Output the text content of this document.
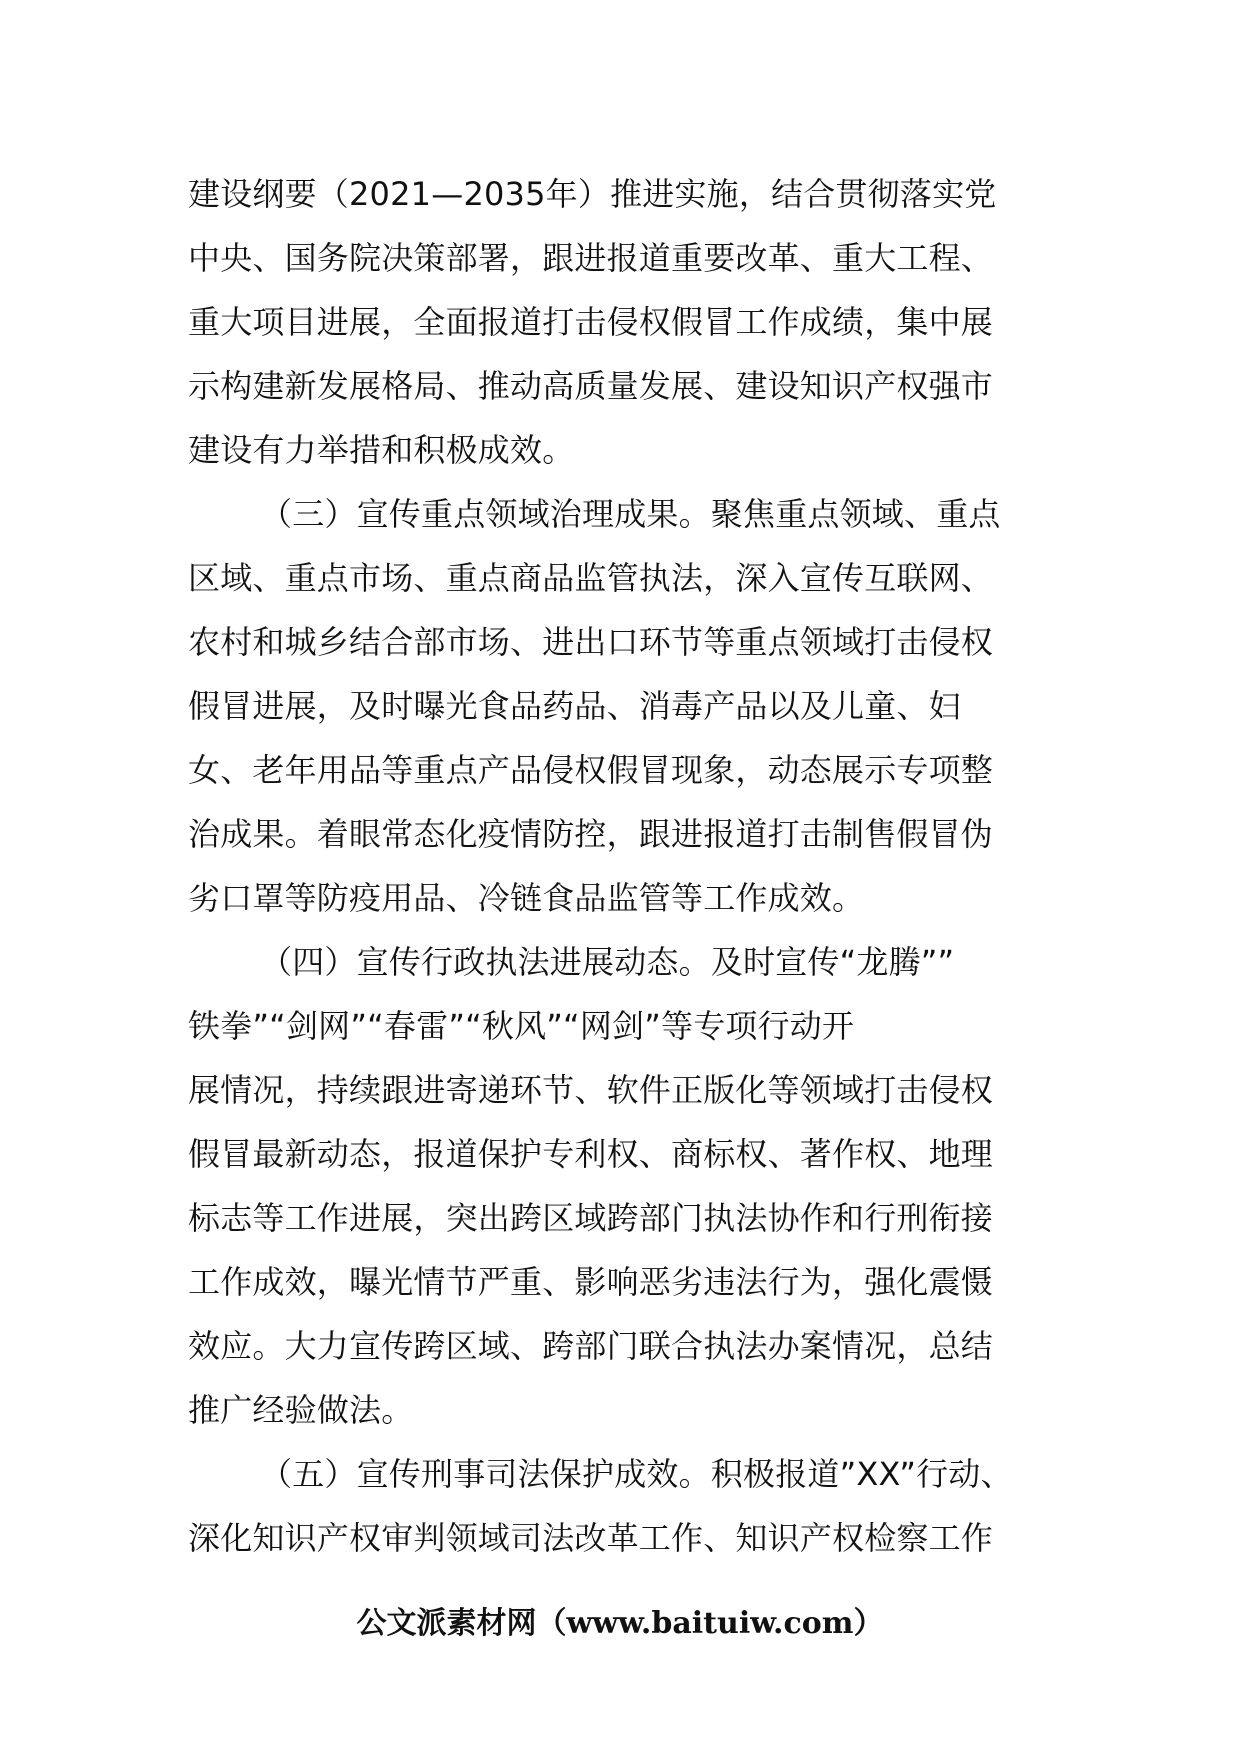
建设纲要（2021—2035年）推进实施，结合贯彻落实党
中央、国务院决策部署，跟进报道重要改革、重大工程、
重大项目进展，全面报道打击侵权假冒工作成绩，集中展
示构建新发展格局、推动高质量发展、建设知识产权强市
建设有力举措和积极成效。
（三）宣传重点领域治理成果。聚焦重点领域、重点
区域、重点市场、重点商品监管执法，深入宣传互联网、
农村和城乡结合部市场、进出口环节等重点领域打击侵权
假冒进展，及时曝光食品药品、消毒产品以及儿童、妇
女、老年用品等重点产品侵权假冒现象，动态展示专项整
治成果。着眼常态化疫情防控，跟进报道打击制售假冒伪
劣口罩等防疫用品、冷链食品监管等工作成效。
（四）宣传行政执法进展动态。及时宣传“龙腾””
铁拳”“剑网”“春雷”“秋风”“网剑”等专项行动开
展情况，持续跟进寄递环节、软件正版化等领域打击侵权
假冒最新动态，报道保护专利权、商标权、著作权、地理
标志等工作进展，突出跨区域跨部门执法协作和行刑衔接
工作成效，曝光情节严重、影响恶劣违法行为，强化震慑
效应。大力宣传跨区域、跨部门联合执法办案情况，总结
推广经验做法。
（五）宣传刑事司法保护成效。积极报道”XX”行动、
深化知识产权审判领域司法改革工作、知识产权检察工作
公文派素材网（www.baituiw.com）
